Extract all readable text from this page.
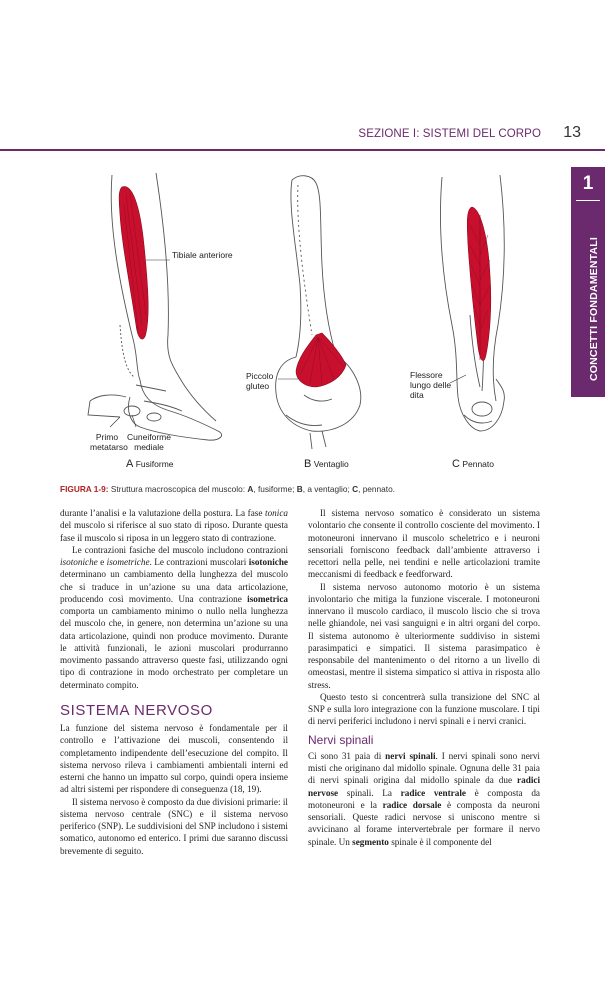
SEZIONE I: SISTEMI DEL CORPO 13
1
CONCETTI FONDAMENTALI
Tibiale anteriore
Primo metatarso
Cuneiforme mediale
Piccolo gluteo
Flessore lungo delle dita
A Fusiforme	B Ventaglio	C Pennato
FIGURA 1-9: Struttura macroscopica del muscolo: A, fusiforme; B, a ventaglio; C, pennato.

durante l’analisi e la valutazione della postura. La fase tonica del muscolo si riferisce al suo stato di riposo. Durante questa fase il muscolo si riposa in un leggero stato di contrazione.

Le contrazioni fasiche del muscolo includono contrazioni isotoniche e isometriche. Le contrazioni muscolari isotoniche determinano un cambiamento della lunghezza del muscolo che si traduce in un’azione su una data articolazione, producendo così movimento. Una contrazione isometrica comporta un cambiamento minimo o nullo nella lunghezza del muscolo che, in genere, non determina un’azione su una data articolazione, quindi non produce movimento. Durante le attività funzionali, le azioni muscolari produrranno movimento passando attraverso queste fasi, utilizzando ogni tipo di contrazione in modo orchestrato per completare un determinato compito.

SISTEMA NERVOSO

La funzione del sistema nervoso è fondamentale per il controllo e l’attivazione dei muscoli, consentendo il completamento indipendente dell’esecuzione del compito. Il sistema nervoso rileva i cambiamenti ambientali interni ed esterni che hanno un impatto sul corpo, quindi opera insieme ad altri sistemi per rispondere di conseguenza (18, 19).

Il sistema nervoso è composto da due divisioni primarie: il sistema nervoso centrale (SNC) e il sistema nervoso periferico (SNP). Le suddivisioni del SNP includono i sistemi somatico, autonomo ed enterico. I primi due saranno discussi brevemente di seguito.

Il sistema nervoso somatico è considerato un sistema volontario che consente il controllo cosciente del movimento. I motoneuroni innervano il muscolo scheletrico e i neuroni sensoriali forniscono feedback dall’ambiente attraverso i recettori nella pelle, nei tendini e nelle articolazioni tramite meccanismi di feedback e feedforward.

Il sistema nervoso autonomo motorio è un sistema involontario che mitiga la funzione viscerale. I motoneuroni innervano il muscolo cardiaco, il muscolo liscio che si trova nelle ghiandole, nei vasi sanguigni e in altri organi del corpo. Il sistema autonomo è ulteriormente suddiviso in sistemi parasimpatici e simpatici. Il sistema parasimpatico è responsabile del mantenimento o del ritorno a un livello di omeostasi, mentre il sistema simpatico si attiva in risposta allo stress.

Questo testo si concentrerà sulla transizione del SNC al SNP e sulla loro integrazione con la funzione muscolare. I tipi di nervi periferici includono i nervi spinali e i nervi cranici.

Nervi spinali

Ci sono 31 paia di nervi spinali. I nervi spinali sono nervi misti che originano dal midollo spinale. Ognuna delle 31 paia di nervi spinali origina dal midollo spinale da due radici nervose spinali. La radice ventrale è composta da motoneuroni e la radice dorsale è composta da neuroni sensoriali. Queste radici nervose si uniscono mentre si avvicinano al forame intervertebrale per formare il nervo spinale. Un segmento spinale è il componente del
